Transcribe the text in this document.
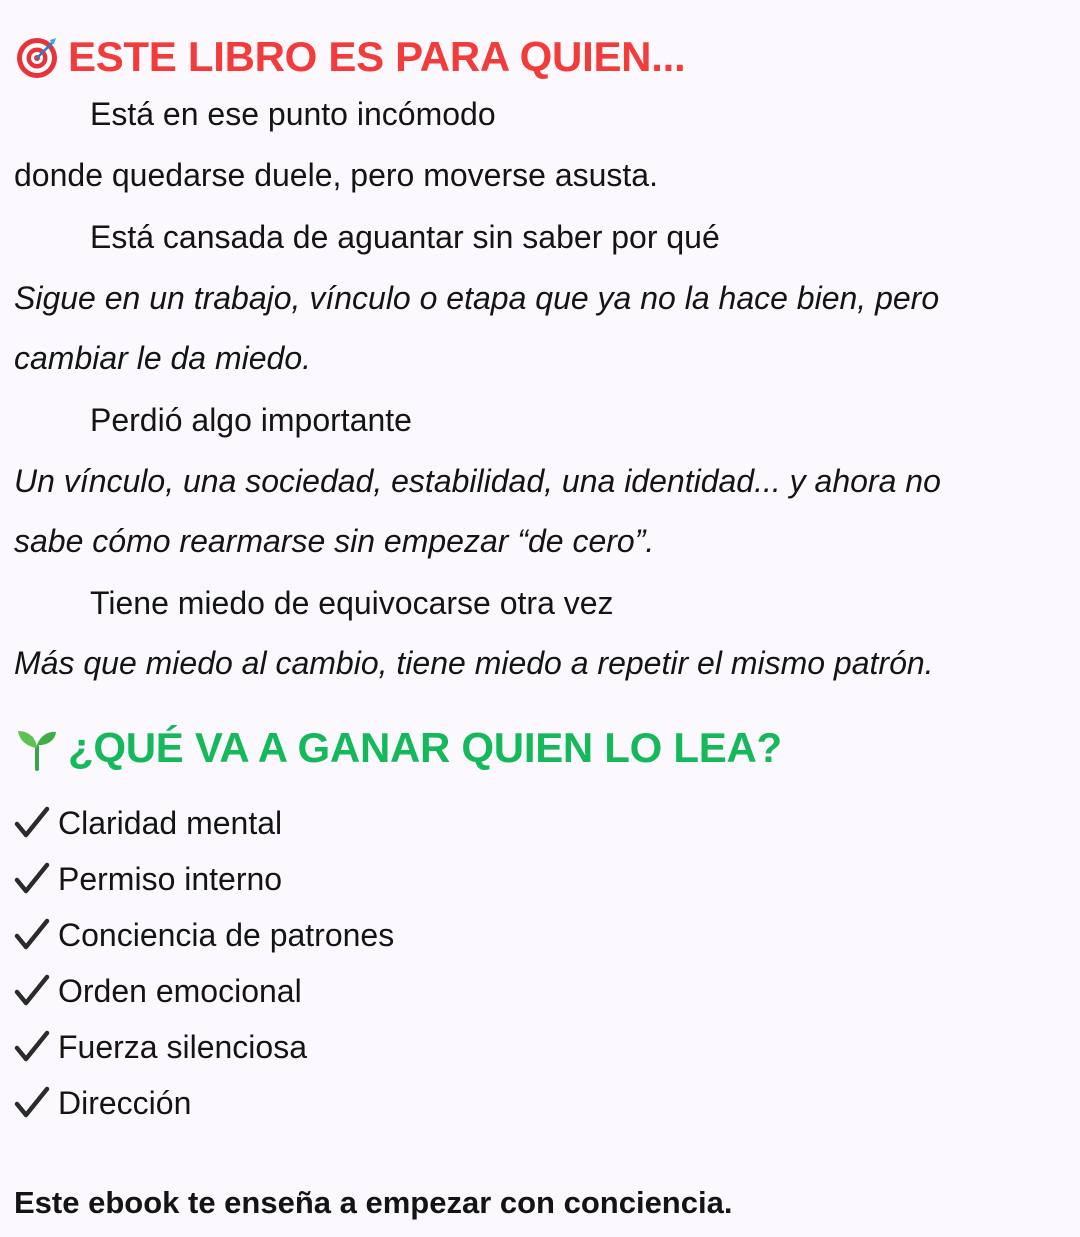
ESTE LIBRO ES PARA QUIEN...
Está en ese punto incómodo
donde quedarse duele, pero moverse asusta.
Está cansada de aguantar sin saber por qué
Sigue en un trabajo, vínculo o etapa que ya no la hace bien, pero
cambiar le da miedo.
Perdió algo importante
Un vínculo, una sociedad, estabilidad, una identidad... y ahora no
sabe cómo rearmarse sin empezar “de cero”.
Tiene miedo de equivocarse otra vez
Más que miedo al cambio, tiene miedo a repetir el mismo patrón.
¿QUÉ VA A GANAR QUIEN LO LEA?
Claridad mental
Permiso interno
Conciencia de patrones
Orden emocional
Fuerza silenciosa
Dirección
Este ebook te enseña a empezar con conciencia.
